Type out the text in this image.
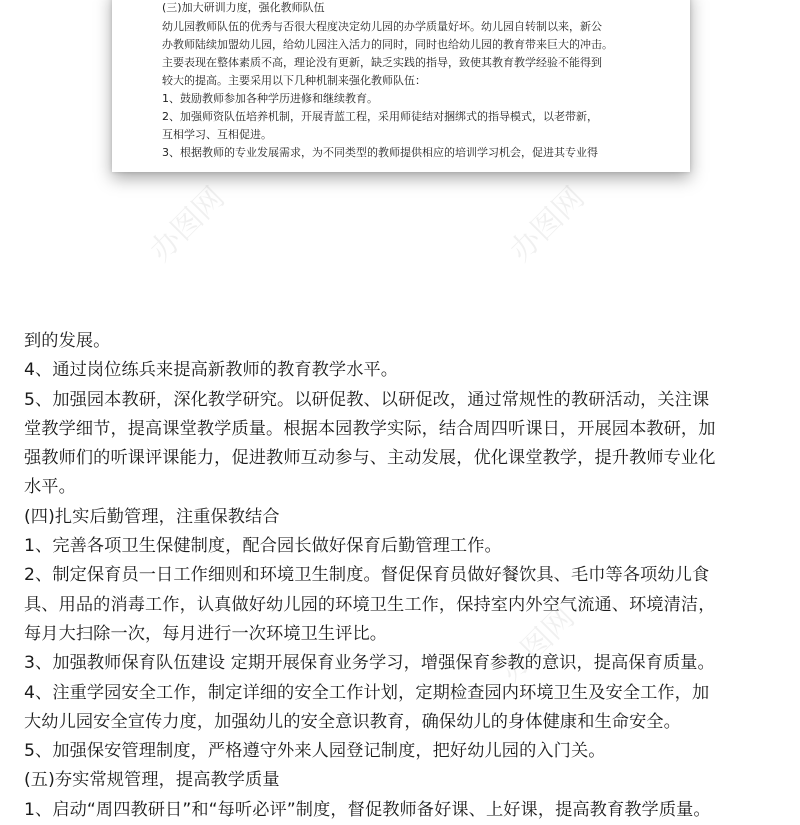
(三)加大研训力度，强化教师队伍
幼儿园教师队伍的优秀与否很大程度决定幼儿园的办学质量好坏。幼儿园自转制以来，新公
办教师陆续加盟幼儿园，给幼儿园注入活力的同时，同时也给幼儿园的教育带来巨大的冲击。
主要表现在整体素质不高，理论没有更新，缺乏实践的指导，致使其教育教学经验不能得到
较大的提高。主要采用以下几种机制来强化教师队伍：
1、鼓励教师参加各种学历进修和继续教育。
2、加强师资队伍培养机制，开展青蓝工程，采用师徒结对捆绑式的指导模式，以老带新，
互相学习、互相促进。
3、根据教师的专业发展需求，为不同类型的教师提供相应的培训学习机会，促进其专业得
办图网	办图网
办图网
到的发展。
4、通过岗位练兵来提高新教师的教育教学水平。
5、加强园本教研，深化教学研究。以研促教、以研促改，通过常规性的教研活动，关注课
堂教学细节，提高课堂教学质量。根据本园教学实际，结合周四听课日，开展园本教研，加
强教师们的听课评课能力，促进教师互动参与、主动发展，优化课堂教学，提升教师专业化
水平。
(四)扎实后勤管理，注重保教结合
1、完善各项卫生保健制度，配合园长做好保育后勤管理工作。
2、制定保育员一日工作细则和环境卫生制度。督促保育员做好餐饮具、毛巾等各项幼儿食
具、用品的消毒工作，认真做好幼儿园的环境卫生工作，保持室内外空气流通、环境清洁，
每月大扫除一次，每月进行一次环境卫生评比。
3、加强教师保育队伍建设 定期开展保育业务学习，增强保育参教的意识，提高保育质量。
4、注重学园安全工作，制定详细的安全工作计划，定期检查园内环境卫生及安全工作，加
大幼儿园安全宣传力度，加强幼儿的安全意识教育，确保幼儿的身体健康和生命安全。
5、加强保安管理制度，严格遵守外来人园登记制度，把好幼儿园的入门关。
(五)夯实常规管理，提高教学质量
1、启动“周四教研日”和“每听必评”制度，督促教师备好课、上好课，提高教育教学质量。
